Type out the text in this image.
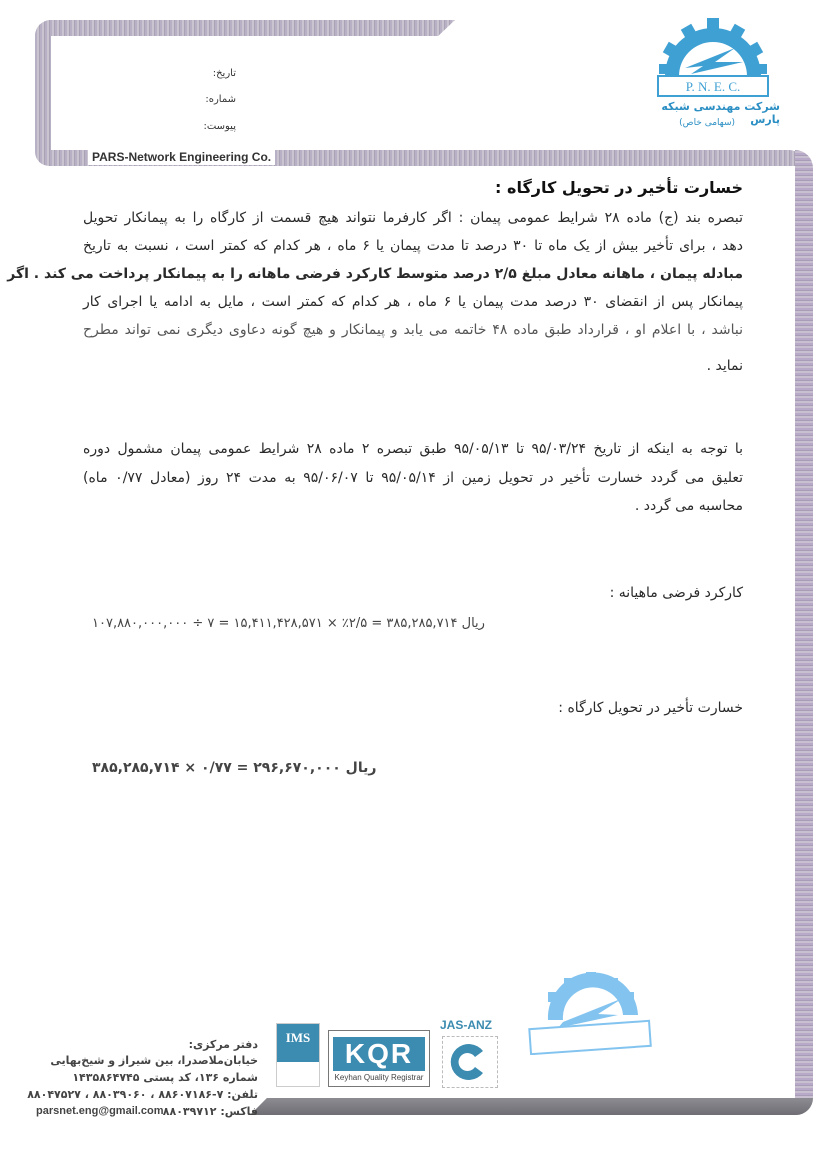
PARS-Network Engineering Co.
تاریخ:
شماره:
پیوست:
P. N. E. C.
شرکت مهندسی شبکه پارس
(سهامی خاص)
خسارت تأخیر در تحویل کارگاه :
تبصره بند (ج) ماده ۲۸ شرایط عمومی پیمان : اگر کارفرما نتواند هیچ قسمت از کارگاه را به پیمانکار تحویل
دهد ، برای تأخیر بیش از یک ماه تا ۳۰ درصد تا مدت پیمان یا ۶ ماه ، هر کدام که کمتر است ، نسبت به تاریخ
مبادله پیمان ، ماهانه معادل مبلغ ۲/۵ درصد متوسط کارکرد فرضی ماهانه را به پیمانکار پرداخت می کند . اگر
پیمانکار پس از انقضای ۳۰ درصد مدت پیمان یا ۶ ماه ، هر کدام که کمتر است ، مایل به ادامه یا اجرای کار
نباشد ، با اعلام او ، قرارداد طبق ماده ۴۸ خاتمه می یابد و پیمانکار و هیچ گونه دعاوی دیگری نمی تواند مطرح
نماید .
با توجه به اینکه از تاریخ ۹۵/۰۳/۲۴ تا ۹۵/۰۵/۱۳ طبق تبصره ۲ ماده ۲۸ شرایط عمومی پیمان مشمول دوره
تعلیق می گردد خسارت تأخیر در تحویل زمین از ۹۵/۰۵/۱۴ تا ۹۵/۰۶/۰۷ به مدت ۲۴ روز (معادل ۰/۷۷ ماه)
محاسبه می گردد .
کارکرد فرضی ماهیانه :
ریال ۳۸۵,۲۸۵,۷۱۴ = ۲/۵٪ × ۱۵,۴۱۱,۴۲۸,۵۷۱ = ۷ ÷ ۱۰۷,۸۸۰,۰۰۰,۰۰۰
خسارت تأخیر در تحویل کارگاه :
ریال ۲۹۶,۶۷۰,۰۰۰ = ۰/۷۷ × ۳۸۵,۲۸۵,۷۱۴
دفتر مرکزی:
خیابان‌ملاصدرا، بین شیراز و شیخ‌بهایی
شماره ۱۳۶، کد پستی ۱۴۳۵۸۶۴۷۴۵
تلفن: ۷-۸۸۶۰۷۱۸۶ ، ۸۸۰۳۹۰۶۰ ، ۸۸۰۴۷۵۲۷
فاکس: ۸۸۰۳۹۷۱۲
parsnet.eng@gmail.com
IMS
KQR
Keyhan Quality Registrar
JAS-ANZ
